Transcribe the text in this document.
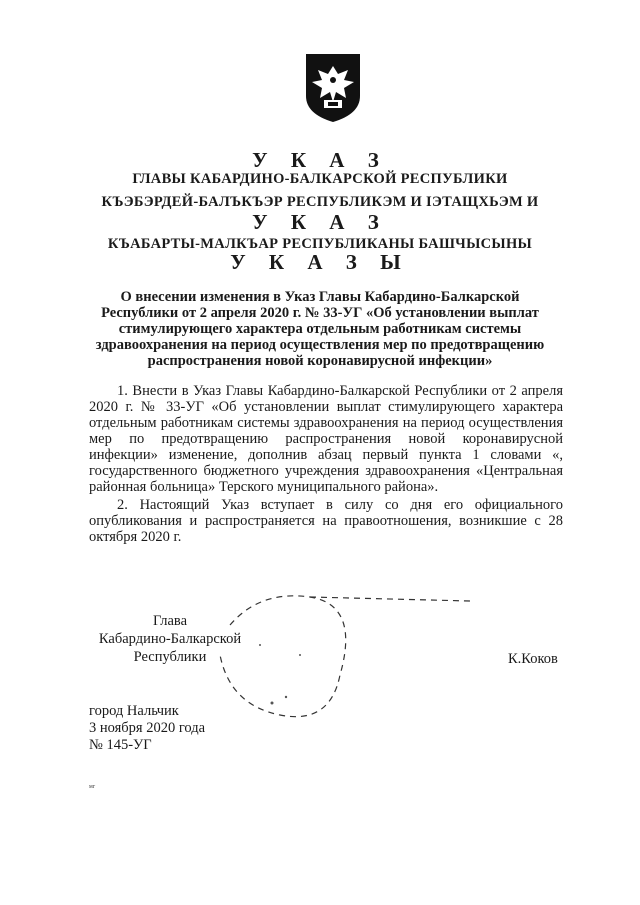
У К А З
ГЛАВЫ КАБАРДИНО-БАЛКАРСКОЙ РЕСПУБЛИКИ
КЪЭБЭРДЕЙ-БАЛЪКЪЭР РЕСПУБЛИКЭМ И ІЭТАЩХЬЭМ И
У К А З
КЪАБАРТЫ-МАЛКЪАР РЕСПУБЛИКАНЫ БАШЧЫСЫНЫ
У К А З Ы
О внесении изменения в Указ Главы Кабардино-Балкарской
Республики от 2 апреля 2020 г. № 33-УГ «Об установлении выплат
стимулирующего характера отдельным работникам системы
здравоохранения на период осуществления мер по предотвращению
распространения новой коронавирусной инфекции»

1. Внести в Указ Главы Кабардино-Балкарской Республики от 2 апреля 2020 г. № 33-УГ «Об установлении выплат стимулирующего характера отдельным работникам системы здравоохранения на период осуществления мер по предотвращению распространения новой коронавирусной инфекции» изменение, дополнив абзац первый пункта 1 словами «, государственного бюджетного учреждения здравоохранения «Центральная районная больница» Терского муниципального района».

2. Настоящий Указ вступает в силу со дня его официального опубликования и распространяется на правоотношения, возникшие с 28 октября 2020 г.

Глава
Кабардино-Балкарской
Республики	К.Коков
город Нальчик
3 ноября 2020 года
№ 145-УГ
мг
